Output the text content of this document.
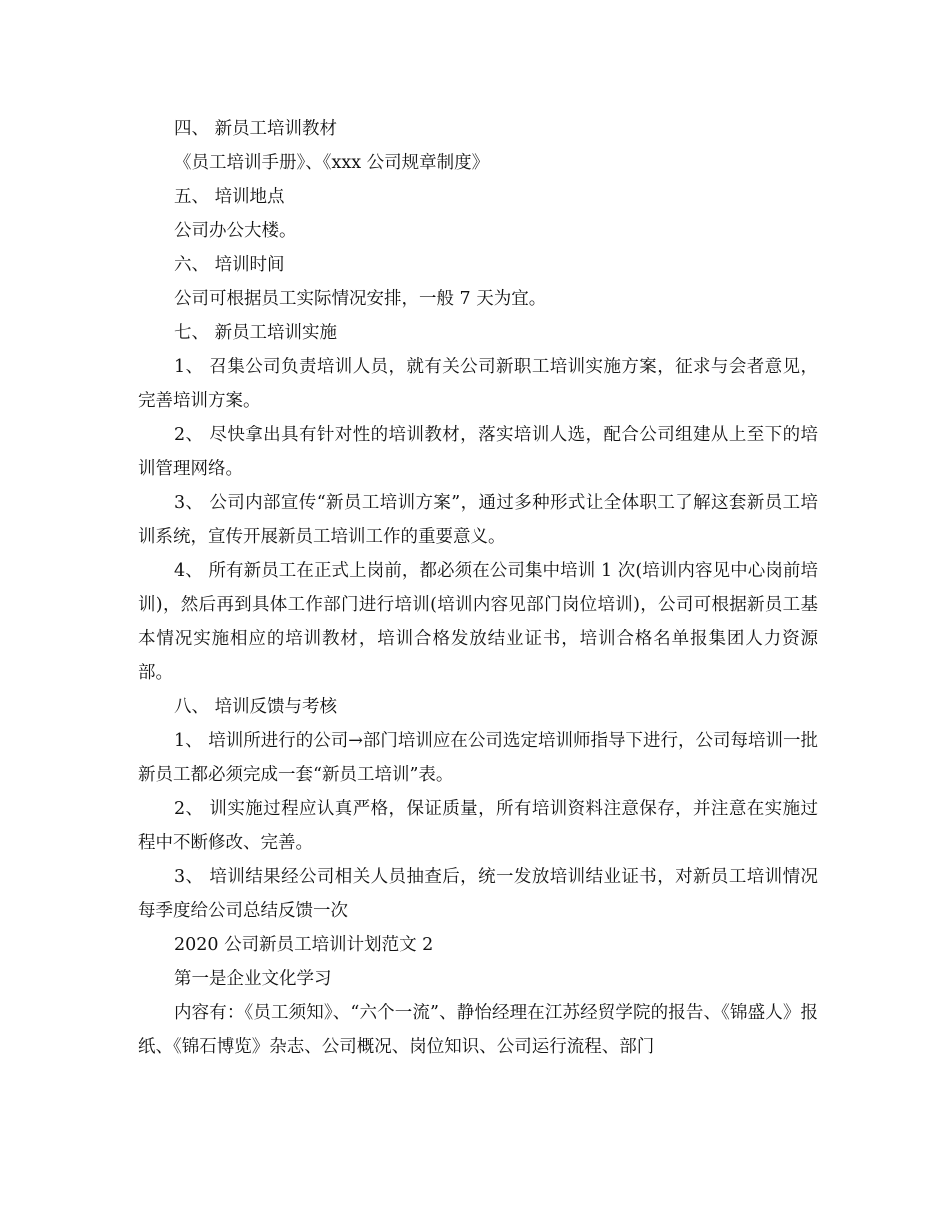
四、 新员工培训教材

《员工培训手册》、《xxx 公司规章制度》

五、 培训地点

公司办公大楼。

六、 培训时间

公司可根据员工实际情况安排，一般 7 天为宜。

七、 新员工培训实施

1、 召集公司负责培训人员，就有关公司新职工培训实施方案，征求与会者意见，完善培训方案。

2、 尽快拿出具有针对性的培训教材，落实培训人选，配合公司组建从上至下的培训管理网络。

3、 公司内部宣传“新员工培训方案”，通过多种形式让全体职工了解这套新员工培训系统，宣传开展新员工培训工作的重要意义。

4、 所有新员工在正式上岗前，都必须在公司集中培训 1 次(培训内容见中心岗前培训)，然后再到具体工作部门进行培训(培训内容见部门岗位培训)，公司可根据新员工基本情况实施相应的培训教材，培训合格发放结业证书，培训合格名单报集团人力资源部。

八、 培训反馈与考核

1、 培训所进行的公司→部门培训应在公司选定培训师指导下进行，公司每培训一批新员工都必须完成一套“新员工培训”表。

2、 训实施过程应认真严格，保证质量，所有培训资料注意保存，并注意在实施过程中不断修改、完善。

3、 培训结果经公司相关人员抽查后，统一发放培训结业证书，对新员工培训情况每季度给公司总结反馈一次

2020 公司新员工培训计划范文 2

第一是企业文化学习

内容有：《员工须知》、“六个一流”、静怡经理在江苏经贸学院的报告、《锦盛人》报纸、《锦石博览》杂志、公司概况、岗位知识、公司运行流程、部门
